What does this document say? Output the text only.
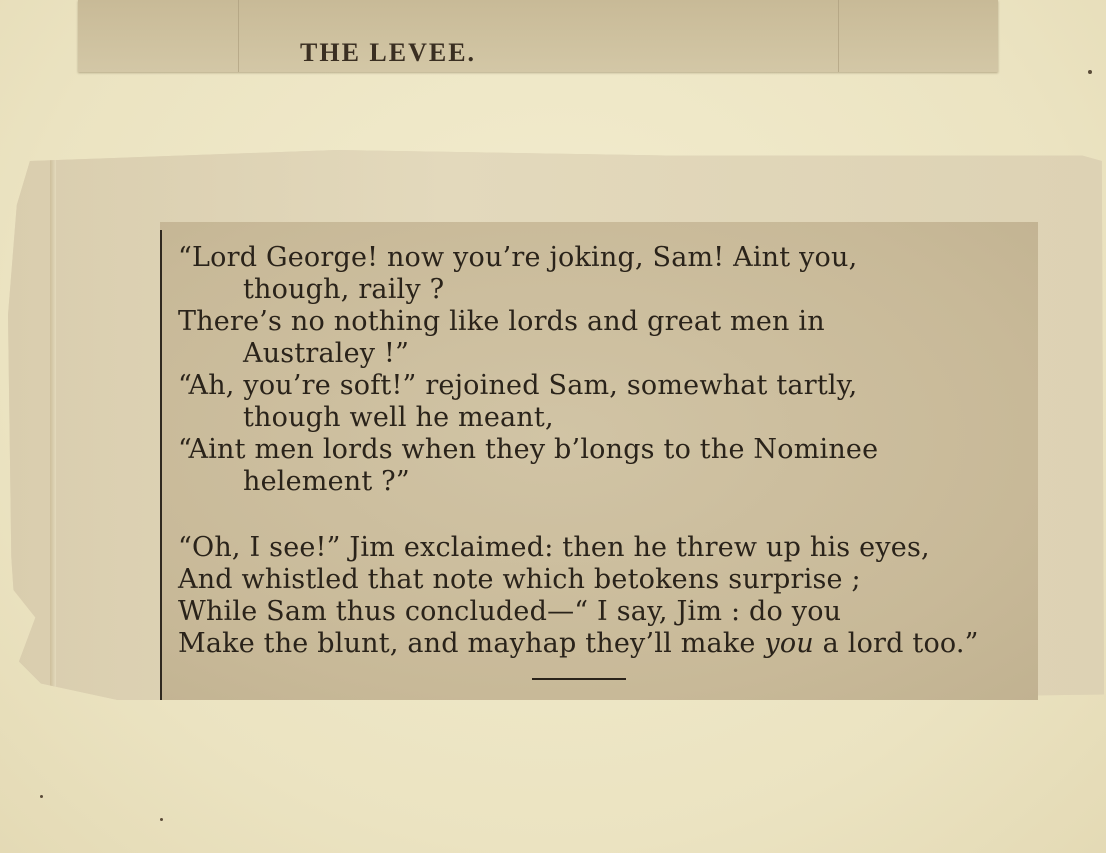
THE LEVEE.
“Lord George! now you’re joking, Sam! Aint you,
though, raily ?
There’s no nothing like lords and great men in
Australey !”
“Ah, you’re soft!” rejoined Sam, somewhat tartly,
though well he meant,
“Aint men lords when they b’longs to the Nominee
helement ?”
“Oh, I see!” Jim exclaimed: then he threw up his eyes,
And whistled that note which betokens surprise ;
While Sam thus concluded—“ I say, Jim : do you
Make the blunt, and mayhap they’ll make you a lord too.”
